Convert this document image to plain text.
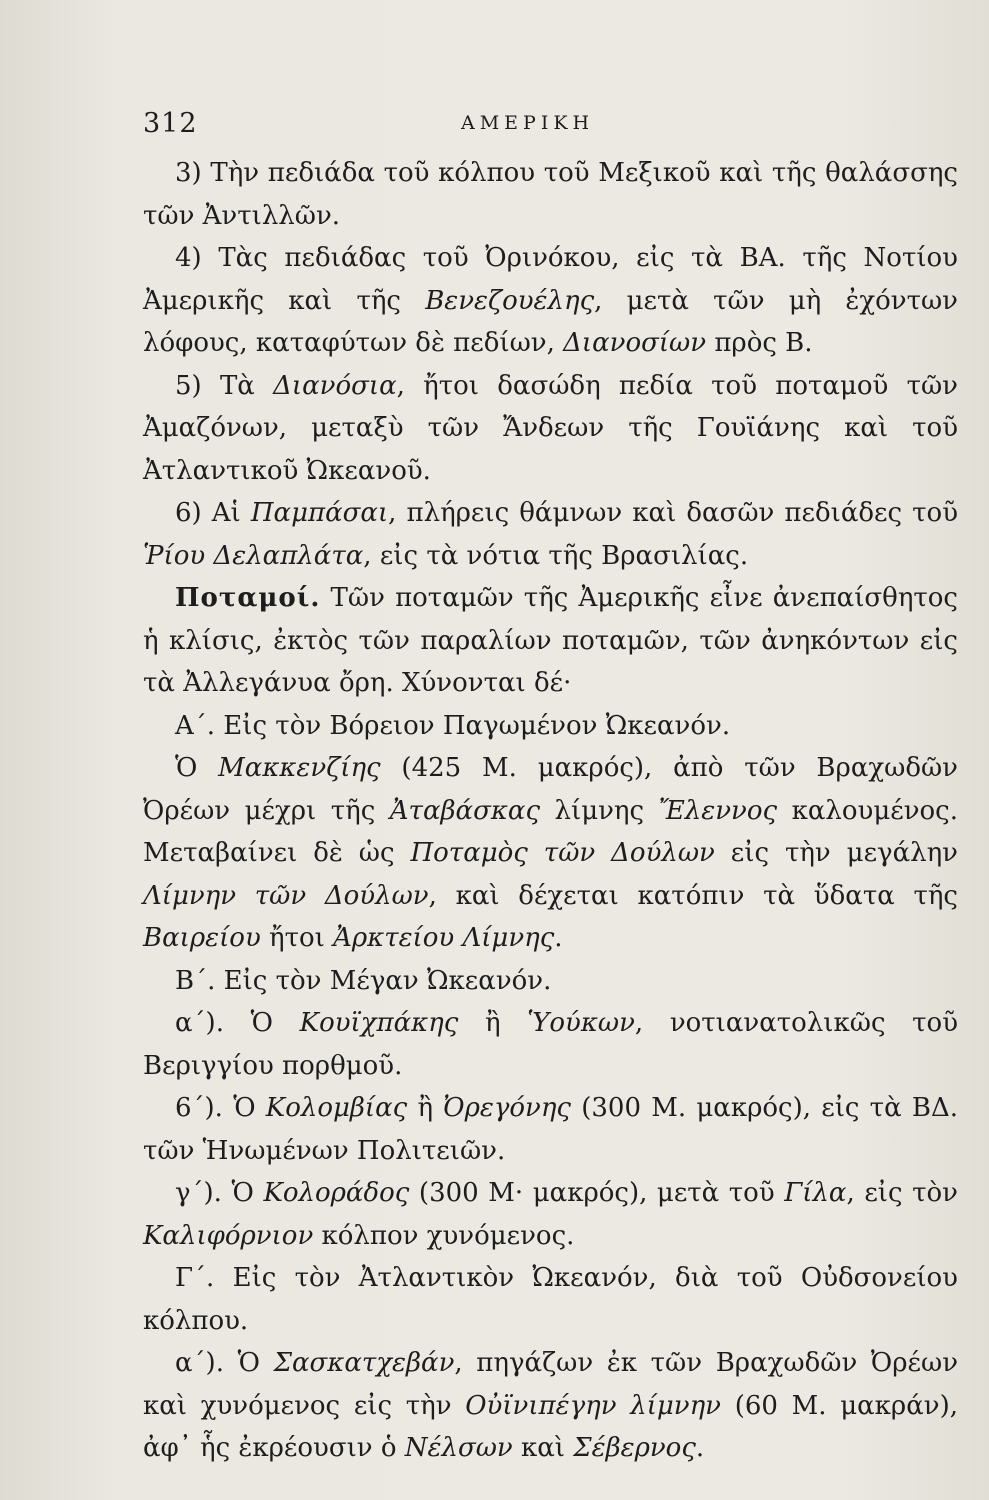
312	ΑΜΕΡΙΚΗ

3) Τὴν πεδιάδα τοῦ κόλπου τοῦ Μεξικοῦ καὶ τῆς θαλάσσης τῶν Ἀντιλλῶν.

4) Τὰς πεδιάδας τοῦ Ὀρινόκου, εἰς τὰ ΒΑ. τῆς Νοτίου Ἀμερικῆς καὶ τῆς Βενεζουέλης, μετὰ τῶν μὴ ἐχόντων λόφους, καταφύτων δὲ πεδίων, Διανοσίων πρὸς Β.

5) Τὰ Διανόσια, ἤτοι δασώδη πεδία τοῦ ποταμοῦ τῶν Ἀμαζόνων, μεταξὺ τῶν Ἄνδεων τῆς Γουϊάνης καὶ τοῦ Ἀτλαντικοῦ Ὠκεανοῦ.

6) Αἱ Παμπάσαι, πλήρεις θάμνων καὶ δασῶν πεδιάδες τοῦ Ῥίου Δελαπλάτα, εἰς τὰ νότια τῆς Βρασιλίας.

Ποταμοί. Τῶν ποταμῶν τῆς Ἀμερικῆς εἶνε ἀνεπαίσθητος ἡ κλίσις, ἐκτὸς τῶν παραλίων ποταμῶν, τῶν ἀνηκόντων εἰς τὰ Ἀλλεγάνυα ὄρη. Χύνονται δέ·

Α΄. Εἰς τὸν Βόρειον Παγωμένον Ὠκεανόν.

Ὁ Μακκενζίης (425 Μ. μακρός), ἀπὸ τῶν Βραχωδῶν Ὀρέων μέχρι τῆς Ἀταβάσκας λίμνης Ἔλεννος καλουμένος. Μεταβαίνει δὲ ὡς Ποταμὸς τῶν Δούλων εἰς τὴν μεγάλην Λίμνην τῶν Δούλων, καὶ δέχεται κατόπιν τὰ ὕδατα τῆς Βαιρείου ἤτοι Ἀρκτείου Λίμνης.

Β΄. Εἰς τὸν Μέγαν Ὠκεανόν.

α΄). Ὁ Κουϊχπάκης ἢ Ὑούκων, νοτιανατολικῶς τοῦ Βεριγγίου πορθμοῦ.

6΄). Ὁ Κολομβίας ἢ Ὀρεγόνης (300 Μ. μακρός), εἰς τὰ ΒΔ. τῶν Ἡνωμένων Πολιτειῶν.

γ΄). Ὁ Κολοράδος (300 Μ· μακρός), μετὰ τοῦ Γίλα, εἰς τὸν Καλιφόρνιον κόλπον χυνόμενος.

Γ΄. Εἰς τὸν Ἀτλαντικὸν Ὠκεανόν, διὰ τοῦ Οὐδσονείου κόλπου.

α΄). Ὁ Σασκατχεβάν, πηγάζων ἐκ τῶν Βραχωδῶν Ὀρέων καὶ χυνόμενος εἰς τὴν Οὐϊνιπέγην λίμνην (60 Μ. μακράν), ἀφ᾿ ἧς ἐκρέουσιν ὁ Νέλσων καὶ Σέβερνος.
